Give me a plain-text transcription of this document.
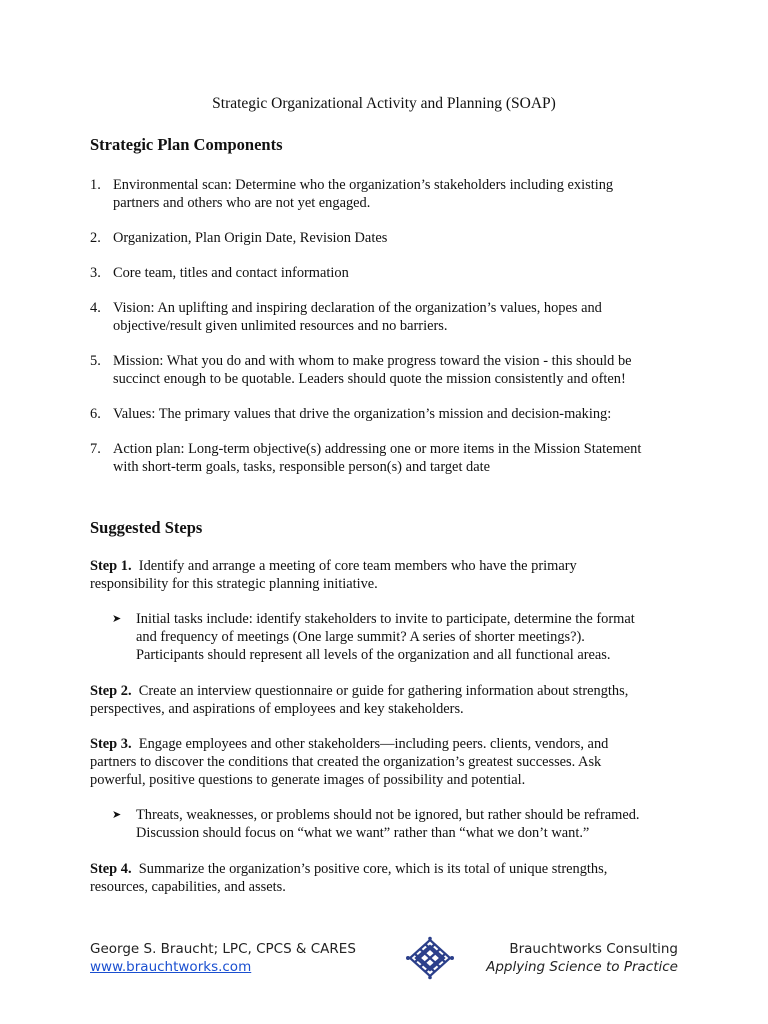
Strategic Organizational Activity and Planning (SOAP)
Strategic Plan Components
1. Environmental scan: Determine who the organization’s stakeholders including existing
partners and others who are not yet engaged.
2. Organization, Plan Origin Date, Revision Dates
3. Core team, titles and contact information
4. Vision: An uplifting and inspiring declaration of the organization’s values, hopes and
objective/result given unlimited resources and no barriers.
5. Mission: What you do and with whom to make progress toward the vision - this should be
succinct enough to be quotable. Leaders should quote the mission consistently and often!
6. Values: The primary values that drive the organization’s mission and decision-making:
7. Action plan: Long-term objective(s) addressing one or more items in the Mission Statement
with short-term goals, tasks, responsible person(s) and target date
Suggested Steps
Step 1. Identify and arrange a meeting of core team members who have the primary
responsibility for this strategic planning initiative.
➤ Initial tasks include: identify stakeholders to invite to participate, determine the format
and frequency of meetings (One large summit? A series of shorter meetings?).
Participants should represent all levels of the organization and all functional areas.
Step 2. Create an interview questionnaire or guide for gathering information about strengths,
perspectives, and aspirations of employees and key stakeholders.
Step 3. Engage employees and other stakeholders—including peers. clients, vendors, and
partners to discover the conditions that created the organization’s greatest successes. Ask
powerful, positive questions to generate images of possibility and potential.
➤ Threats, weaknesses, or problems should not be ignored, but rather should be reframed.
Discussion should focus on “what we want” rather than “what we don’t want.”
Step 4. Summarize the organization’s positive core, which is its total of unique strengths,
resources, capabilities, and assets.
George S. Braucht; LPC, CPCS & CARES
www.brauchtworks.com
Brauchtworks Consulting
Applying Science to Practice
